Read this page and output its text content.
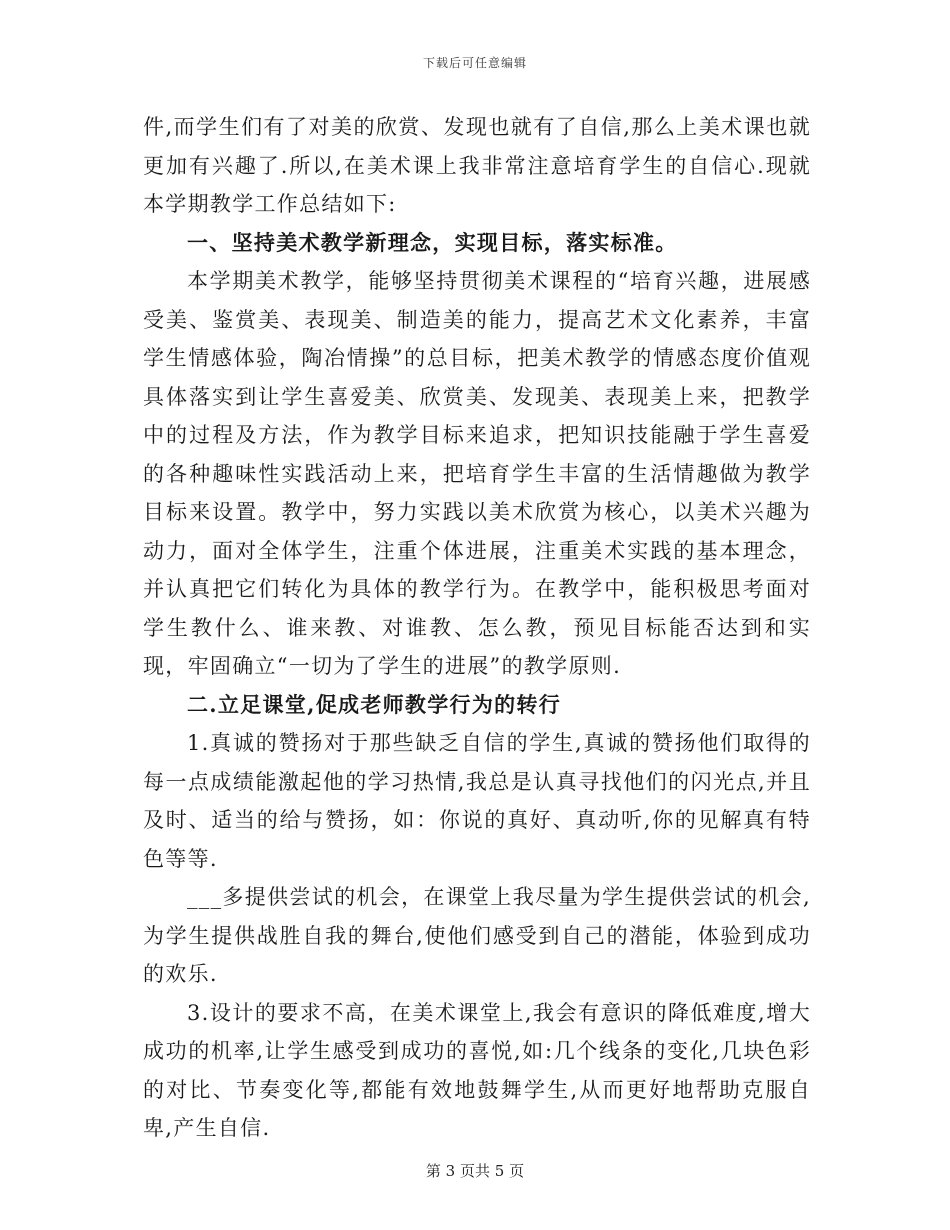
下载后可任意编辑

件,而学生们有了对美的欣赏、发现也就有了自信,那么上美术课也就更加有兴趣了.所以,在美术课上我非常注意培育学生的自信心.现就本学期教学工作总结如下:

一、坚持美术教学新理念，实现目标，落实标准。

本学期美术教学，能够坚持贯彻美术课程的“培育兴趣，进展感受美、鉴赏美、表现美、制造美的能力，提高艺术文化素养，丰富学生情感体验，陶冶情操”的总目标，把美术教学的情感态度价值观具体落实到让学生喜爱美、欣赏美、发现美、表现美上来，把教学中的过程及方法，作为教学目标来追求，把知识技能融于学生喜爱的各种趣味性实践活动上来，把培育学生丰富的生活情趣做为教学目标来设置。教学中，努力实践以美术欣赏为核心，以美术兴趣为动力，面对全体学生，注重个体进展，注重美术实践的基本理念，并认真把它们转化为具体的教学行为。在教学中，能积极思考面对学生教什么、谁来教、对谁教、怎么教，预见目标能否达到和实现，牢固确立“一切为了学生的进展”的教学原则.

二.立足课堂,促成老师教学行为的转行

1.真诚的赞扬对于那些缺乏自信的学生,真诚的赞扬他们取得的每一点成绩能激起他的学习热情,我总是认真寻找他们的闪光点,并且及时、适当的给与赞扬，如：你说的真好、真动听,你的见解真有特色等等.

___多提供尝试的机会，在课堂上我尽量为学生提供尝试的机会,为学生提供战胜自我的舞台,使他们感受到自己的潜能，体验到成功的欢乐.

3.设计的要求不高，在美术课堂上,我会有意识的降低难度,增大成功的机率,让学生感受到成功的喜悦,如:几个线条的变化,几块色彩的对比、节奏变化等,都能有效地鼓舞学生,从而更好地帮助克服自卑,产生自信.

第 3 页共 5 页
